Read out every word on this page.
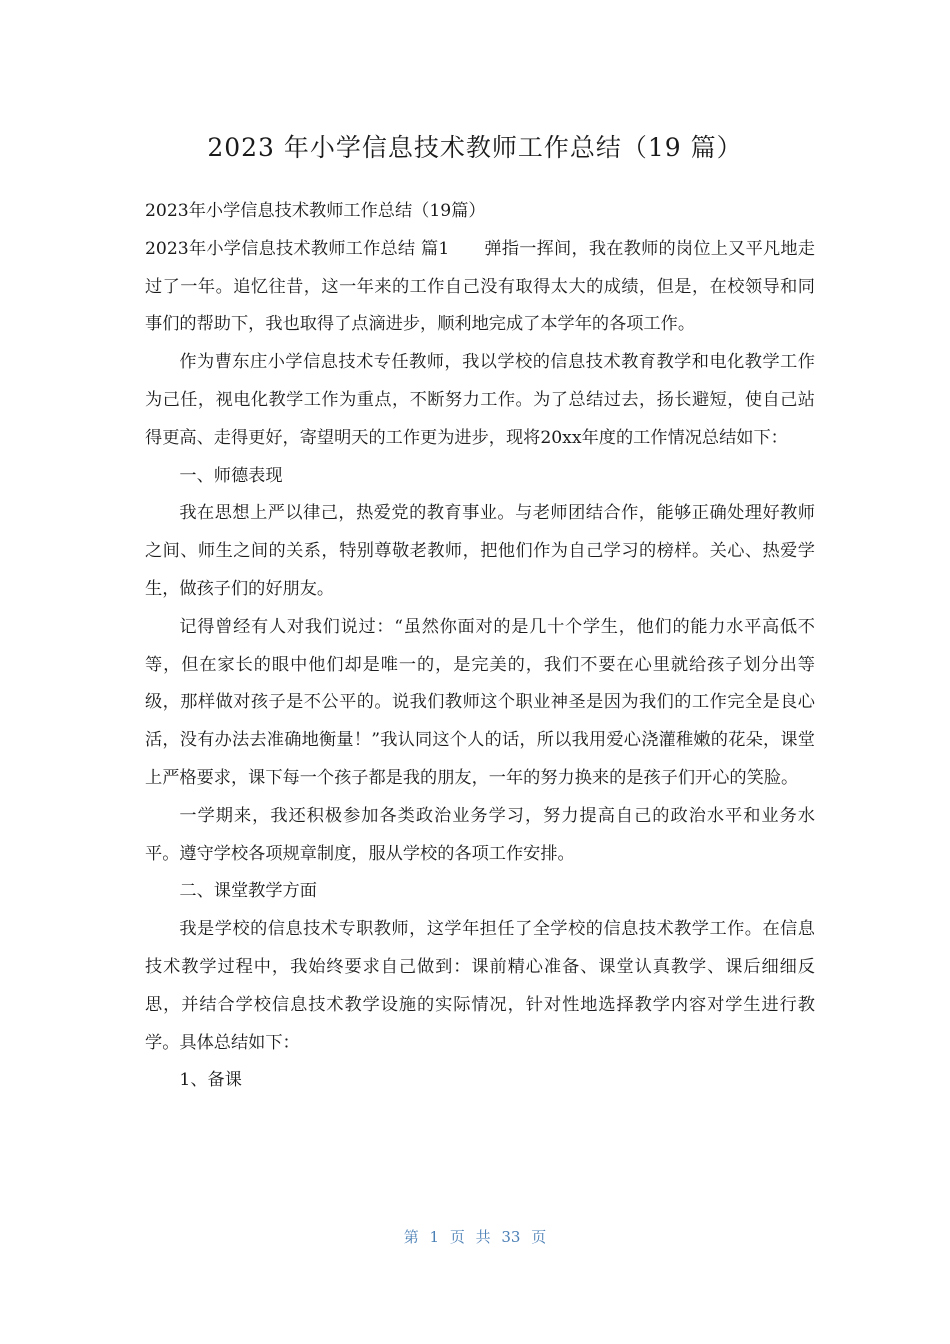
2023 年小学信息技术教师工作总结（19 篇）

2023年小学信息技术教师工作总结（19篇）

2023年小学信息技术教师工作总结 篇1　　弹指一挥间，我在教师的岗位上又平凡地走过了一年。追忆往昔，这一年来的工作自己没有取得太大的成绩，但是，在校领导和同事们的帮助下，我也取得了点滴进步，顺利地完成了本学年的各项工作。

作为曹东庄小学信息技术专任教师，我以学校的信息技术教育教学和电化教学工作为己任，视电化教学工作为重点，不断努力工作。为了总结过去，扬长避短，使自己站得更高、走得更好，寄望明天的工作更为进步，现将20xx年度的工作情况总结如下：

一、师德表现

我在思想上严以律己，热爱党的教育事业。与老师团结合作，能够正确处理好教师之间、师生之间的关系，特别尊敬老教师，把他们作为自己学习的榜样。关心、热爱学生，做孩子们的好朋友。

记得曾经有人对我们说过：“虽然你面对的是几十个学生，他们的能力水平高低不等，但在家长的眼中他们却是唯一的，是完美的，我们不要在心里就给孩子划分出等级，那样做对孩子是不公平的。说我们教师这个职业神圣是因为我们的工作完全是良心活，没有办法去准确地衡量！”我认同这个人的话，所以我用爱心浇灌稚嫩的花朵，课堂上严格要求，课下每一个孩子都是我的朋友，一年的努力换来的是孩子们开心的笑脸。

一学期来，我还积极参加各类政治业务学习，努力提高自己的政治水平和业务水平。遵守学校各项规章制度，服从学校的各项工作安排。

二、课堂教学方面

我是学校的信息技术专职教师，这学年担任了全学校的信息技术教学工作。在信息技术教学过程中，我始终要求自己做到：课前精心准备、课堂认真教学、课后细细反思，并结合学校信息技术教学设施的实际情况，针对性地选择教学内容对学生进行教学。具体总结如下：

1、备课

第 1 页 共 33 页
